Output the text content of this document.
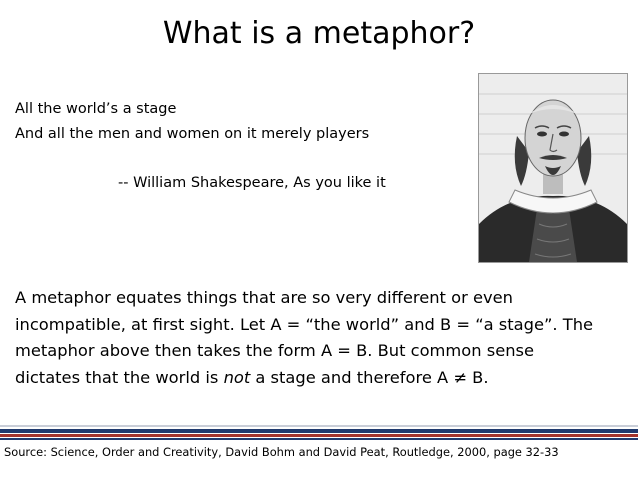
What is a metaphor?
All the world’s a stage
And all the men and women on it merely players
-- William Shakespeare, As you like it
A metaphor equates things that are so very different or even
incompatible, at first sight. Let A = “the world” and B = “a stage”. The
metaphor above then takes the form A = B. But common sense
dictates that the world is not a stage and therefore A ≠ B.
Source: Science, Order and Creativity, David Bohm and David Peat, Routledge, 2000, page 32-33
